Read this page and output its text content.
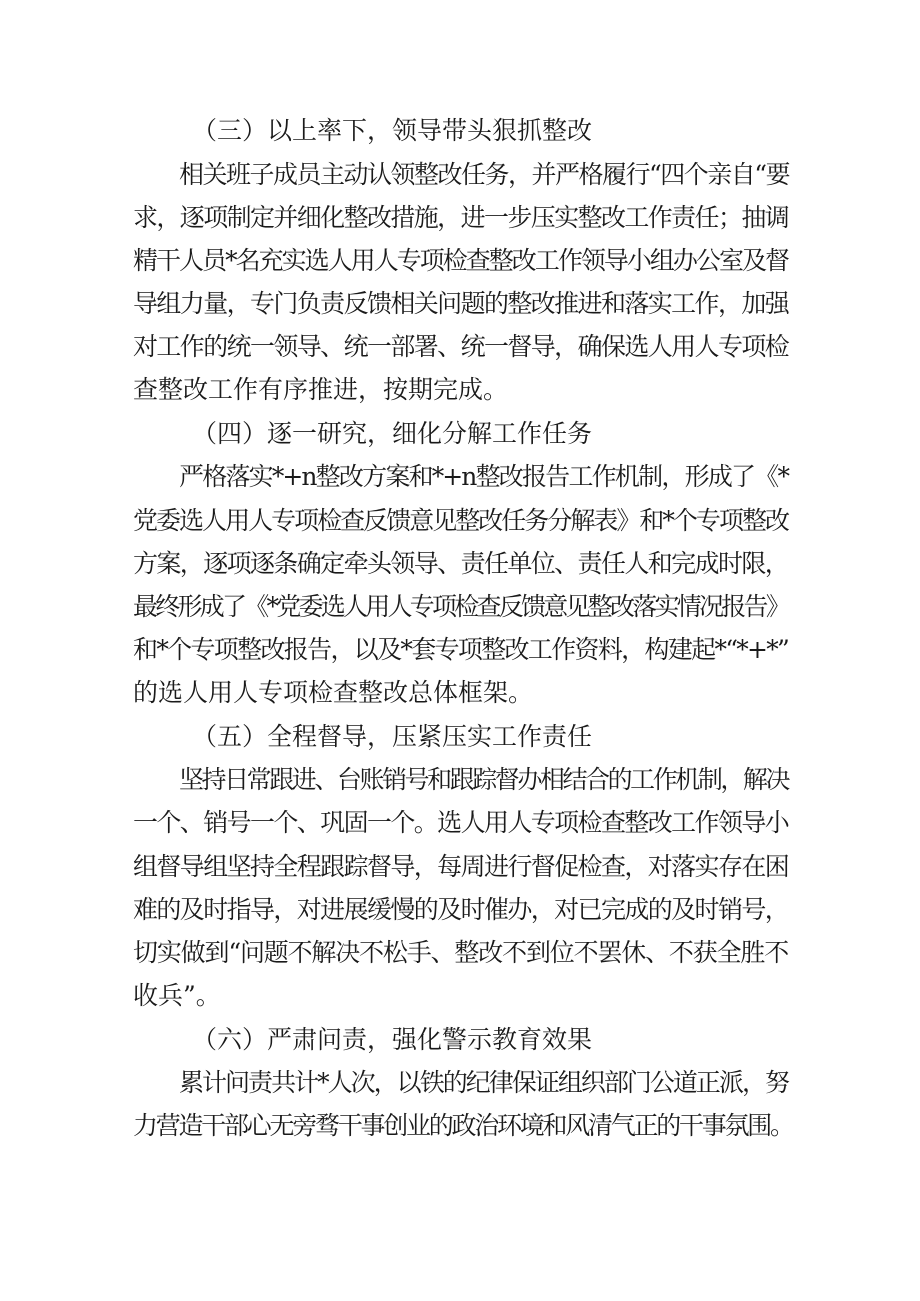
（三）以上率下，领导带头狠抓整改
相关班子成员主动认领整改任务，并严格履行“四个亲自“要
求，逐项制定并细化整改措施，进一步压实整改工作责任；抽调
精干人员*名充实选人用人专项检查整改工作领导小组办公室及督
导组力量，专门负责反馈相关问题的整改推进和落实工作，加强
对工作的统一领导、统一部署、统一督导，确保选人用人专项检
查整改工作有序推进，按期完成。
（四）逐一研究，细化分解工作任务
严格落实*+n整改方案和*+n整改报告工作机制，形成了《*
党委选人用人专项检查反馈意见整改任务分解表》和*个专项整改
方案，逐项逐条确定牵头领导、责任单位、责任人和完成时限，
最终形成了《*党委选人用人专项检查反馈意见整改落实情况报告》
和*个专项整改报告，以及*套专项整改工作资料，构建起*“*+*”
的选人用人专项检查整改总体框架。
（五）全程督导，压紧压实工作责任
坚持日常跟进、台账销号和跟踪督办相结合的工作机制，解决
一个、销号一个、巩固一个。选人用人专项检查整改工作领导小
组督导组坚持全程跟踪督导，每周进行督促检查，对落实存在困
难的及时指导，对进展缓慢的及时催办，对已完成的及时销号，
切实做到“问题不解决不松手、整改不到位不罢休、不获全胜不
收兵”。
（六）严肃问责，强化警示教育效果
累计问责共计*人次，以铁的纪律保证组织部门公道正派，努
力营造干部心无旁骛干事创业的政治环境和风清气正的干事氛围。
